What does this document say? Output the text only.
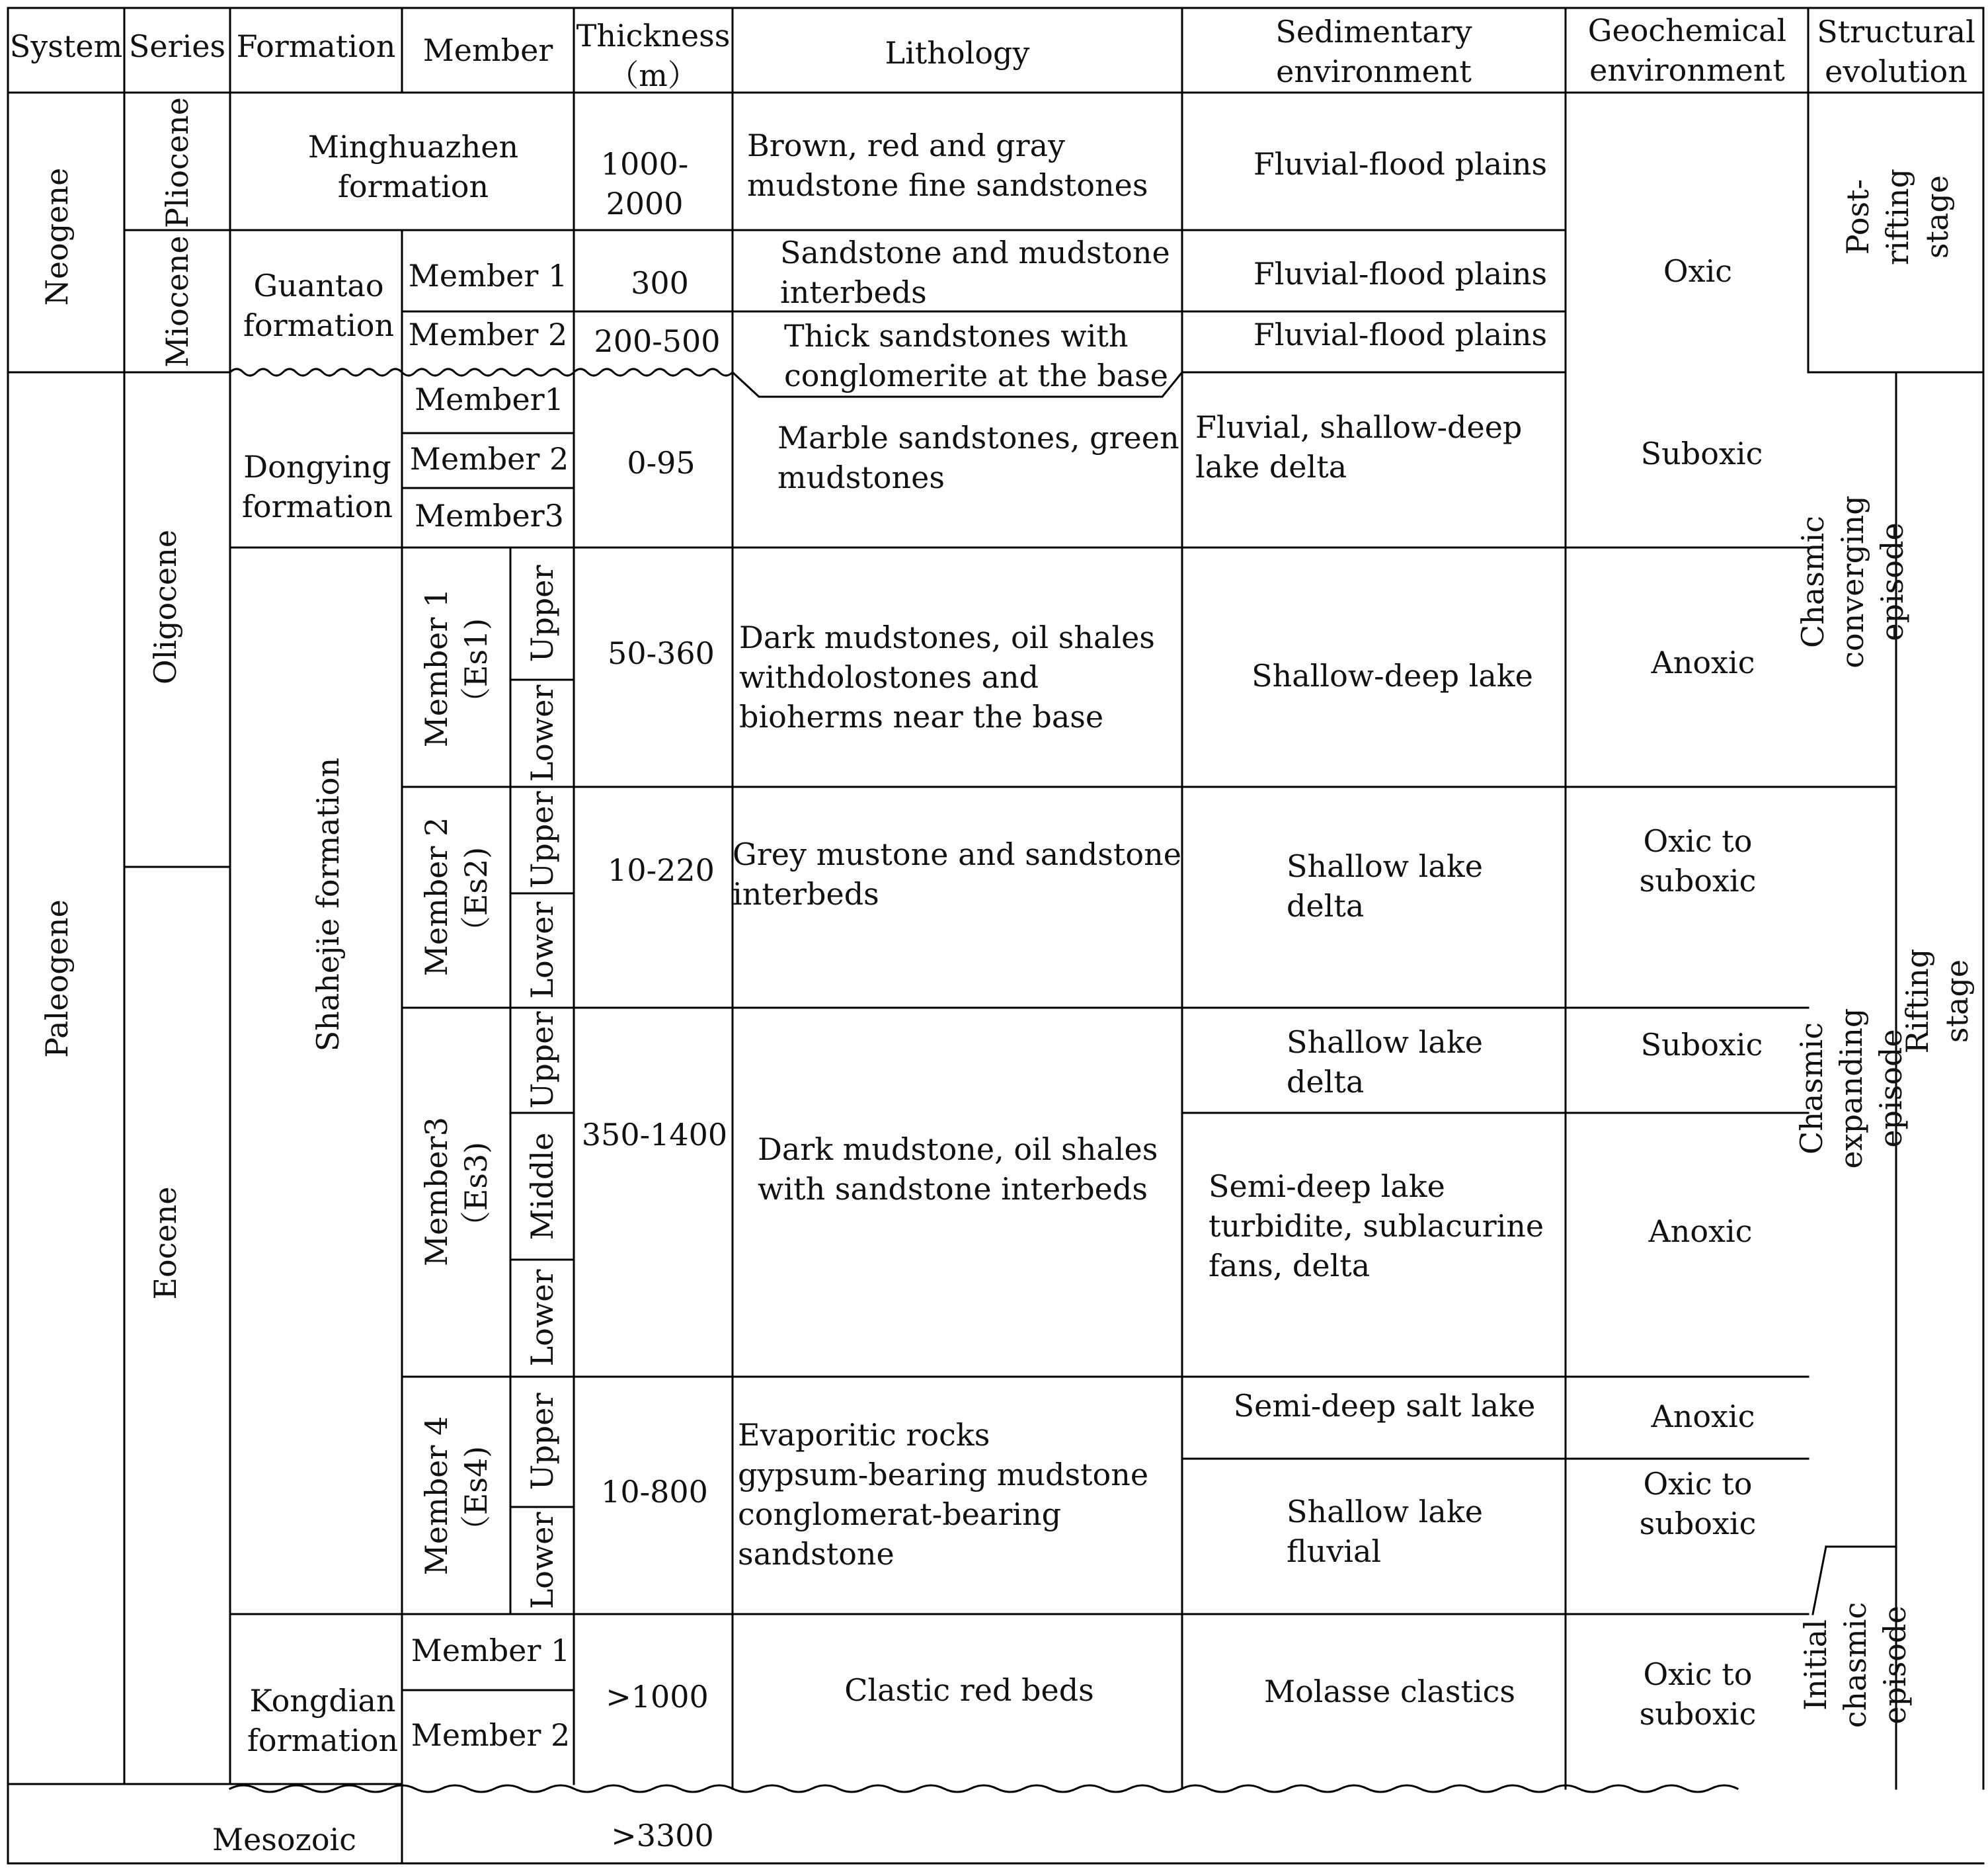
System Series Formation Member Thickness
（m）
Lithology
Sedimentary
environment
Geochemical
environment
Structural
evolution
Neogene
Paleogene
Mesozoic
Pliocene
Miocene
Oligocene
Eocene
Minghuazhen
formation
Guantao
formation
Dongying
formation
Shahejie formation
Kongdian
formation
Member 1
Member 2
Member1
Member 2
Member3
Member 1
（Es1)
Member 2
（Es2)
Member3
（Es3)
Member 4
（Es4)
Member 1
Member 2
Upper
Lower
Upper
Lower
Upper
Middle
Lower
Upper
Lower
1000-
2000
300
200-500
0-95
50-360
10-220
350-1400
10-800
>1000
>3300
Brown, red and gray
mudstone fine sandstones
Sandstone and mudstone
interbeds
Thick sandstones with
conglomerite at the base
Marble sandstones, green
mudstones
Dark mudstones, oil shales
withdolostones and
bioherms near the base
Grey mustone and sandstone
interbeds
Dark mudstone, oil shales
with sandstone interbeds
Evaporitic rocks
gypsum-bearing mudstone
conglomerat-bearing
sandstone
Clastic red beds
Fluvial-flood plains
Fluvial-flood plains
Fluvial-flood plains
Fluvial, shallow-deep
lake delta
Shallow-deep lake
Shallow lake
delta
Shallow lake
delta
Semi-deep lake
turbidite, sublacurine
fans, delta
Semi-deep salt lake
Shallow lake
fluvial
Molasse clastics
Oxic
Suboxic
Anoxic
Oxic to
suboxic
Suboxic
Anoxic
Anoxic
Oxic to
suboxic
Oxic to
suboxic
Post-rifting
stage
Chasmic converging
episode
Chasmic expanding episode
Initial chasmic
episode
Rifting stage
